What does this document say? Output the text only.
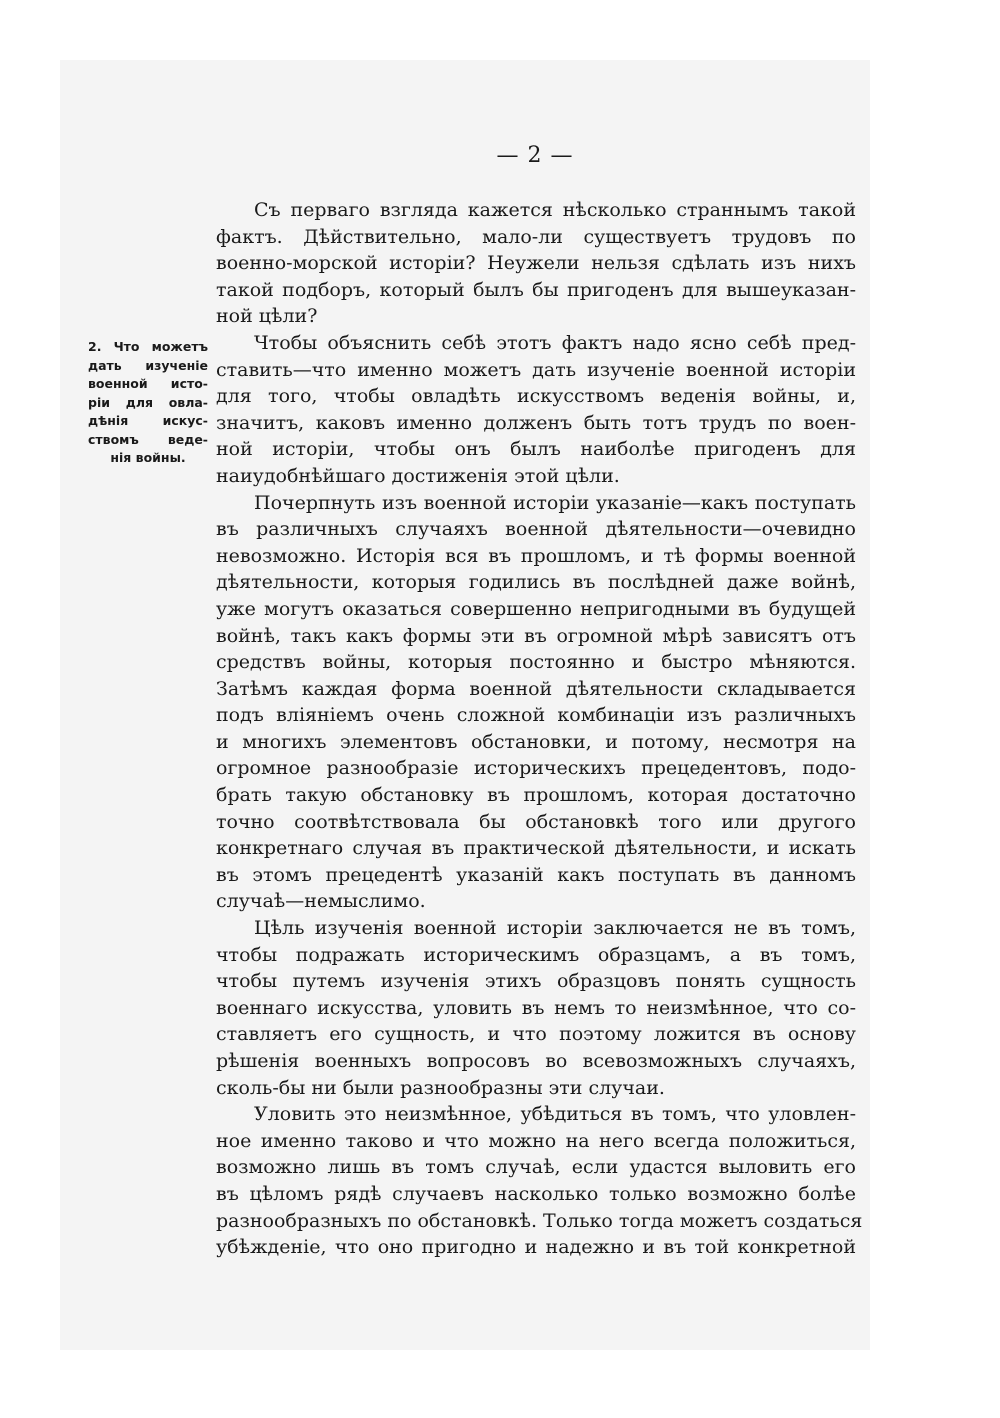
— 2 —
2. Что можетъ
дать изученіе
военной исто-
ріи для овла-
дѣнія искус-
ствомъ веде-
нія войны.
Съ перваго взгляда кажется нѣсколько страннымъ такой
фактъ. Дѣйствительно, мало-ли существуетъ трудовъ по
военно-морской исторіи? Неужели нельзя сдѣлать изъ нихъ
такой подборъ, который былъ бы пригоденъ для вышеуказан-
ной цѣли?
Чтобы объяснить себѣ этотъ фактъ надо ясно себѣ пред-
ставить—что именно можетъ дать изученіе военной исторіи
для того, чтобы овладѣть искусствомъ веденія войны, и,
значитъ, каковъ именно долженъ быть тотъ трудъ по воен-
ной исторіи, чтобы онъ былъ наиболѣе пригоденъ для
наиудобнѣйшаго достиженія этой цѣли.
Почерпнуть изъ военной исторіи указаніе—какъ поступать
въ различныхъ случаяхъ военной дѣятельности—очевидно
невозможно. Исторія вся въ прошломъ, и тѣ формы военной
дѣятельности, которыя годились въ послѣдней даже войнѣ,
уже могутъ оказаться совершенно непригодными въ будущей
войнѣ, такъ какъ формы эти въ огромной мѣрѣ зависятъ отъ
средствъ войны, которыя постоянно и быстро мѣняются.
Затѣмъ каждая форма военной дѣятельности складывается
подъ вліяніемъ очень сложной комбинаціи изъ различныхъ
и многихъ элементовъ обстановки, и потому, несмотря на
огромное разнообразіе историческихъ прецедентовъ, подо-
брать такую обстановку въ прошломъ, которая достаточно
точно соотвѣтствовала бы обстановкѣ того или другого
конкретнаго случая въ практической дѣятельности, и искать
въ этомъ прецедентѣ указаній какъ поступать въ данномъ
случаѣ—немыслимо.
Цѣль изученія военной исторіи заключается не въ томъ,
чтобы подражать историческимъ образцамъ, а въ томъ,
чтобы путемъ изученія этихъ образцовъ понять сущность
военнаго искусства, уловить въ немъ то неизмѣнное, что со-
ставляетъ его сущность, и что поэтому ложится въ основу
рѣшенія военныхъ вопросовъ во всевозможныхъ случаяхъ,
сколь-бы ни были разнообразны эти случаи.
Уловить это неизмѣнное, убѣдиться въ томъ, что уловлен-
ное именно таково и что можно на него всегда положиться,
возможно лишь въ томъ случаѣ, если удастся выловить его
въ цѣломъ рядѣ случаевъ насколько только возможно болѣе
разнообразныхъ по обстановкѣ. Только тогда можетъ создаться
убѣжденіе, что оно пригодно и надежно и въ той конкретной
